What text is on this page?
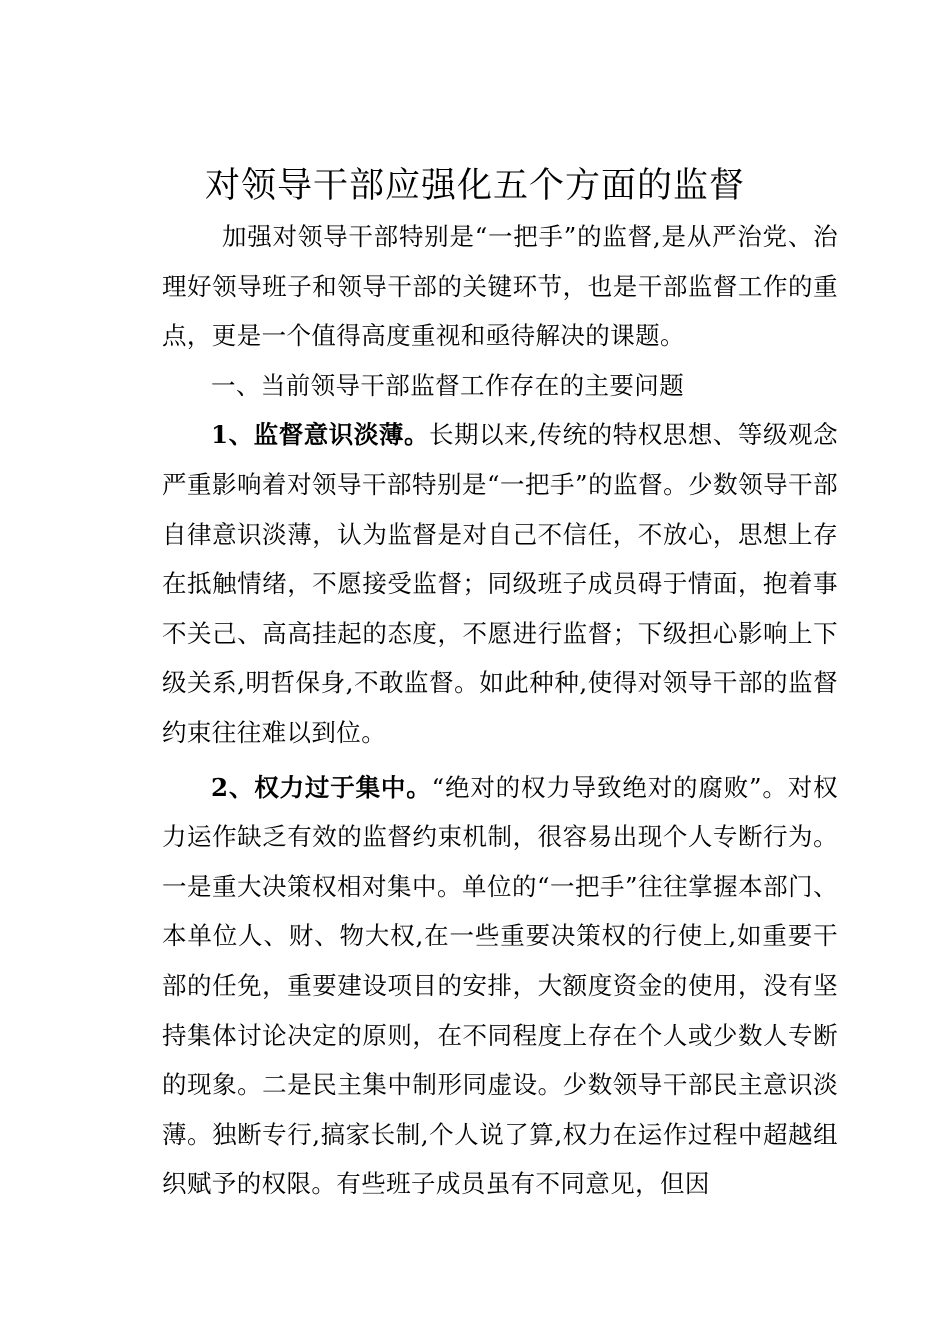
对领导干部应强化五个方面的监督

加强对领导干部特别是“一把手”的监督,是从严治党、治理好领导班子和领导干部的关键环节，也是干部监督工作的重点，更是一个值得高度重视和亟待解决的课题。

一、当前领导干部监督工作存在的主要问题

1、监督意识淡薄。长期以来,传统的特权思想、等级观念严重影响着对领导干部特别是“一把手”的监督。少数领导干部自律意识淡薄，认为监督是对自己不信任，不放心，思想上存在抵触情绪，不愿接受监督；同级班子成员碍于情面，抱着事不关己、高高挂起的态度，不愿进行监督；下级担心影响上下级关系,明哲保身,不敢监督。如此种种,使得对领导干部的监督约束往往难以到位。

2、权力过于集中。“绝对的权力导致绝对的腐败”。对权力运作缺乏有效的监督约束机制，很容易出现个人专断行为。一是重大决策权相对集中。单位的“一把手”往往掌握本部门、本单位人、财、物大权,在一些重要决策权的行使上,如重要干部的任免，重要建设项目的安排，大额度资金的使用，没有坚持集体讨论决定的原则，在不同程度上存在个人或少数人专断的现象。二是民主集中制形同虚设。少数领导干部民主意识淡薄。独断专行,搞家长制,个人说了算,权力在运作过程中超越组织赋予的权限。有些班子成员虽有不同意见，但因
